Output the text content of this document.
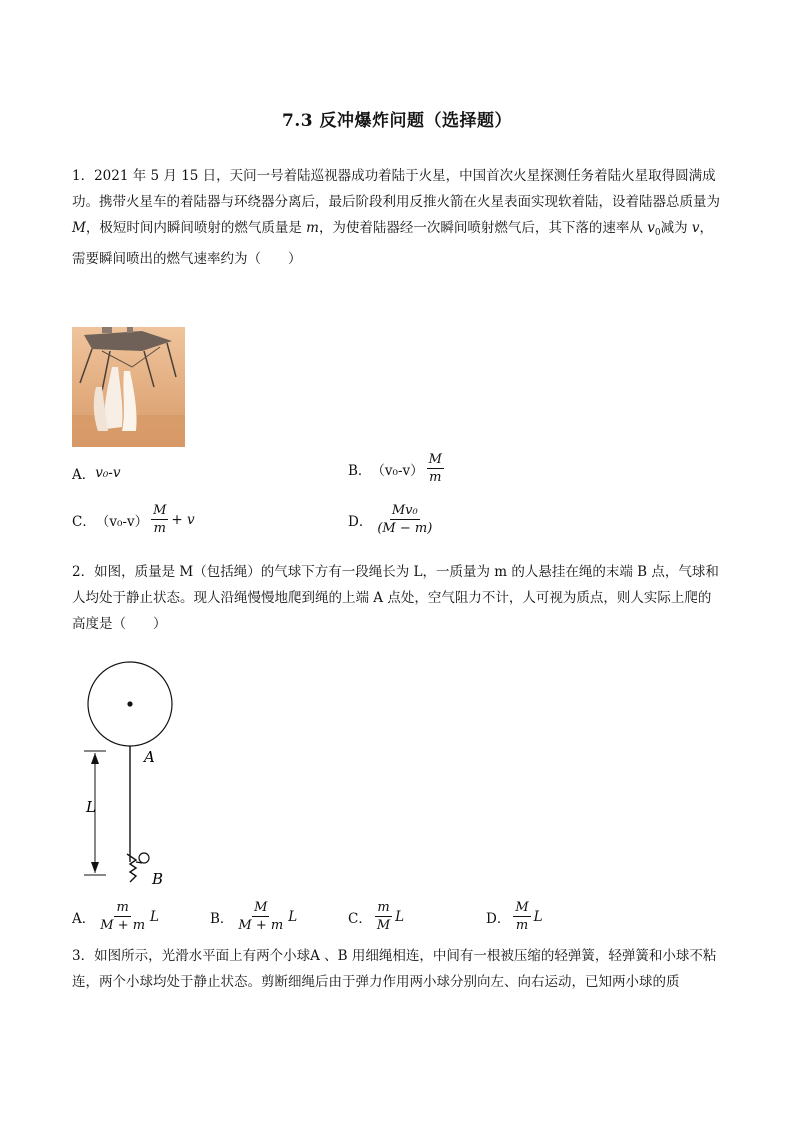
7.3 反冲爆炸问题（选择题）
1．2021 年 5 月 15 日，天问一号着陆巡视器成功着陆于火星，中国首次火星探测任务着陆火星取得圆满成功。携带火星车的着陆器与环绕器分离后，最后阶段利用反推火箭在火星表面实现软着陆，设着陆器总质量为 M，极短时间内瞬间喷射的燃气质量是 m，为使着陆器经一次瞬间喷射燃气后，其下落的速率从 $v_0$减为 v，需要瞬间喷出的燃气速率约为（　　）
A． v₀-v	B． $(v_0-v) \frac{M}{m}$
C． $(v_0-v) \frac{M}{m} + v$	D． $\frac{\text{Mv₀}}{(M - m)}$
2．如图，质量是 M（包括绳）的气球下方有一段绳长为 L，一质量为 m 的人悬挂在绳的末端 B 点，气球和人均处于静止状态。现人沿绳慢慢地爬到绳的上端 A 点处，空气阻力不计，人可视为质点，则人实际上爬的高度是（　　）
A
L
B
A． $\frac{m}{M + m}$ L	B． $\frac{M}{M + m}$ L	C． $\frac{m}{M}$ L	D． $\frac{M}{m}$ L
3．如图所示，光滑水平面上有两个小球A 、B 用细绳相连，中间有一根被压缩的轻弹簧，轻弹簧和小球不粘连，两个小球均处于静止状态。剪断细绳后由于弹力作用两小球分别向左、向右运动，已知两小球的质
